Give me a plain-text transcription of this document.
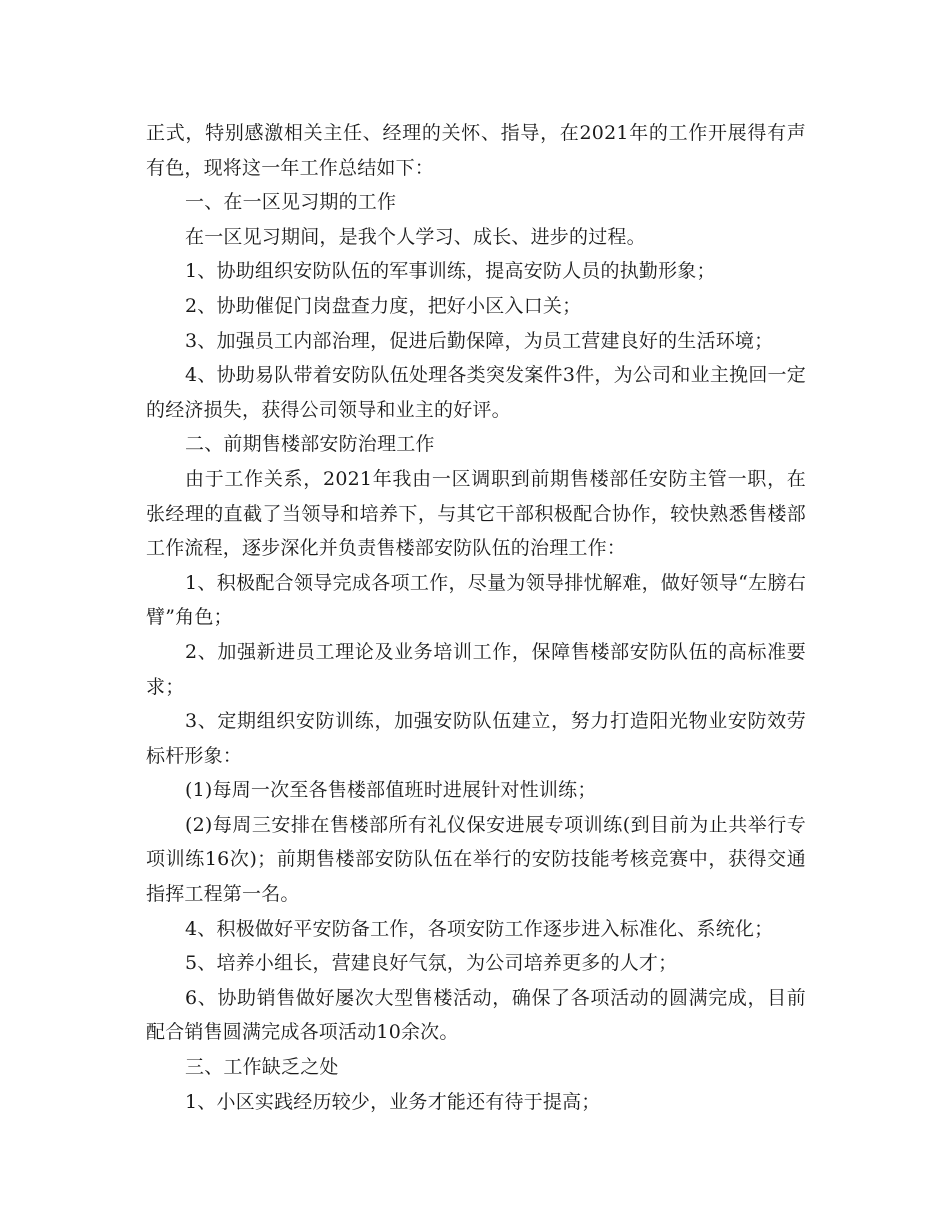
正式，特别感激相关主任、经理的关怀、指导，在2021年的工作开展得有声有色，现将这一年工作总结如下：

一、在一区见习期的工作

在一区见习期间，是我个人学习、成长、进步的过程。

1、协助组织安防队伍的军事训练，提高安防人员的执勤形象；

2、协助催促门岗盘查力度，把好小区入口关；

3、加强员工内部治理，促进后勤保障，为员工营建良好的生活环境；

4、协助易队带着安防队伍处理各类突发案件3件，为公司和业主挽回一定的经济损失，获得公司领导和业主的好评。

二、前期售楼部安防治理工作

由于工作关系，2021年我由一区调职到前期售楼部任安防主管一职，在张经理的直截了当领导和培养下，与其它干部积极配合协作，较快熟悉售楼部工作流程，逐步深化并负责售楼部安防队伍的治理工作：

1、积极配合领导完成各项工作，尽量为领导排忧解难，做好领导“左膀右臂”角色；

2、加强新进员工理论及业务培训工作，保障售楼部安防队伍的高标准要求；

3、定期组织安防训练，加强安防队伍建立，努力打造阳光物业安防效劳标杆形象：

(1)每周一次至各售楼部值班时进展针对性训练；

(2)每周三安排在售楼部所有礼仪保安进展专项训练(到目前为止共举行专项训练16次)；前期售楼部安防队伍在举行的安防技能考核竞赛中，获得交通指挥工程第一名。

4、积极做好平安防备工作，各项安防工作逐步进入标准化、系统化；

5、培养小组长，营建良好气氛，为公司培养更多的人才；

6、协助销售做好屡次大型售楼活动，确保了各项活动的圆满完成，目前配合销售圆满完成各项活动10余次。

三、工作缺乏之处

1、小区实践经历较少，业务才能还有待于提高；
